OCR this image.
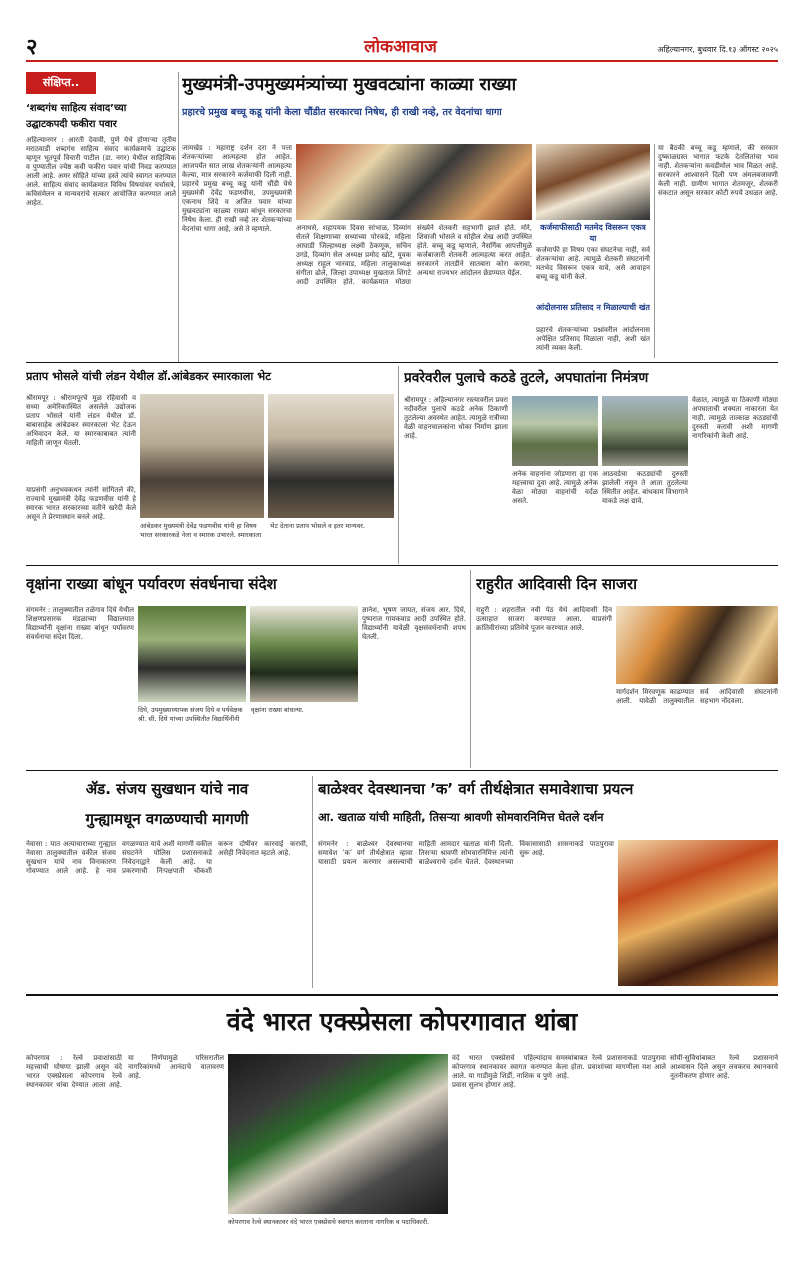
२	लोकआवाज	अहिल्यानगर, बुधवार दि.१३ ऑगस्ट २०२५
संक्षिप्त..
‘शब्दगंध साहित्य संवाद’च्या
उद्घाटकपदी फकीरा पवार
अहिल्यानगर : आरती देवावी, पुणे येथे होणाऱ्या तृतीय मराठवाडी शब्दगंध साहित्य संवाद कार्यक्रमाचे उद्घाटक म्हणून भूतपूर्व विचारी पाटील (डा. नगर) येथील साहित्यिक व पुण्यातील ज्येष्ठ कवी फकीरा पवार यांची निवड करण्यात आली आहे. अमर सोहिते यांच्या हस्ते त्यांचे स्वागत करण्यात आले. साहित्य संवाद कार्यक्रमात विविध विषयांवर चर्चासत्रे, कविसंमेलन व मान्यवरांचे सत्कार आयोजित करण्यात आले आहेत.
मुख्यमंत्री-उपमुख्यमंत्र्यांच्या मुखवट्यांना काळ्या राख्या
प्रहारचे प्रमुख बच्चू कडू यांनी केला चौंडीत सरकारचा निषेध, ही राखी नव्हे, तर वेदनांचा धागा
जामखेड : महाराष्ट्र दर्शन दरा ने पत्ता शेतकऱ्यांच्या आत्महत्या होत आहेत. आजपर्यंत सात लाख शेतकऱ्यांनी आत्महत्या केल्या, मात्र सरकारने कर्जमाफी दिली नाही. प्रहारचे प्रमुख बच्चू कडू यांनी चौंडी येथे मुख्यमंत्री देवेंद्र फडणवीस, उपमुख्यमंत्री एकनाथ शिंदे व अजित पवार यांच्या मुखवट्यांना काळ्या राख्या बांधून सरकारचा निषेध केला. ही राखी नव्हे तर शेतकऱ्यांच्या वेदनांचा धागा आहे, असे ते म्हणाले.	अनाथसे, शहापयक दिवस सांभाळ, दिव्यांग सेतले शिक्षणाच्या सध्याच्या पोरकडे, महिला आघाडी जिल्हाध्यक्ष लक्ष्मी ठेकणूक, सचिन उगडे, दिव्यांग सेल अध्यक्ष प्रमोद खोटे, युवक अध्यक्ष राहुल भारवाड, महिला तालुकाध्यक्ष संगीता ढोले, जिल्हा उपाध्यक्ष मुखताज शिंगटे आदी उपस्थित होते. कार्यक्रमात मोठ्या संख्येने शेतकरी सहभागी झाले होते. मोरे, शिवाजी भोसले व सोहील शेख आदी उपस्थित होते. बच्चू कडू म्हणाले, नैसर्गिक आपत्तीमुळे कर्जबाजारी शेतकरी आत्महत्या करत आहेत. सरकारने तातडीने सातबारा कोरा करावा, अन्यथा राज्यभर आंदोलन छेडण्यात येईल.
कर्जमाफीसाठी मतमेद विसरून एकत्र या
कर्जमाफी हा विषय एका संघटनेचा नाही, सर्व शेतकऱ्यांचा आहे. त्यामुळे शेतकरी संघटनांनी मतभेद विसरून एकत्र यावे, असे आवाहन बच्चू कडू यांनी केले.
आंदोलनास प्रतिसाद न मिळाल्याची खंत
प्रहारचे शेतकऱ्यांच्या प्रश्नांवरील आंदोलनास अपेक्षित प्रतिसाद मिळाला नाही, अशी खंत त्यांनी व्यक्त केली.
या बैठकी बच्चू कडू म्हणाले, की सरकार दुष्काळग्रस्त भागात फटके देतलितांचा भाव नाही. शेतकऱ्यांना कवडीमोल भाव मिळत आहे. सरकारने आश्वासने दिली पण अंमलबजावणी केली नाही. ग्रामीण भागात शेतमजूर, शेतकरी संकटात असून सरकार कोटी रुपये उधळत आहे.
प्रताप भोसले यांची लंडन येथील डॉ.आंबेडकर स्मारकाला भेट
श्रीरामपूर : श्रीरामपूरचे मूळ रहिवासी व सध्या अमेरिकास्थित असलेले उद्योजक प्रताप भोसले यांनी लंडन येथील डॉ. बाबासाहेब आंबेडकर स्मारकाला भेट देऊन अभिवादन केले. या स्मारकाबाबत त्यांनी माहिती जाणून घेतली.
याप्रसंगी अनुभवकथन त्यांनी सांगितले की, राज्याचे मुख्यमंत्री देवेंद्र फडणवीस यांनी हे स्मारक भारत सरकारच्या वतीने खरेदी केले असून ते प्रेरणास्थान बनले आहे.
आंबेडकर मुख्यमंत्री देवेंद्र फडणवीस यांनी हा विषय भारत सरकारकडे नेला व स्मारक उभारले. स्मारकाला भेट देताना प्रताप भोसले व इतर मान्यवर.
प्रवरेवरील पुलाचे कठडे तुटले, अपघातांना निमंत्रण
श्रीरामपूर : अहिल्यानगर रस्त्यावरील प्रवरा नदीवरील पुलाचे कठडे अनेक ठिकाणी तुटलेल्या अवस्थेत आहेत. त्यामुळे रात्रीच्या वेळी वाहनचालकांना धोका निर्माण झाला आहे.
अनेक वाहनांना जोडणारा हा एक महत्त्वाचा दुवा आहे. त्यामुळे अनेक वेळा मोठ्या वाहनांची वर्दळ असते.
आठवडेचा कठड्यांची दुरुस्ती झालेली नसून ते आता तुटलेल्या स्थितीत आहेत. बांधकाम विभागाने याकडे लक्ष द्यावे.
वेळात, त्यामुळे या ठिकाणी मोठ्या अपघाताची शक्यता नाकारता येत नाही. त्यामुळे तात्काळ कठड्यांची दुरुस्ती करावी अशी मागणी नागरिकांनी केली आहे.
वृक्षांना राख्या बांधून पर्यावरण संवर्धनाचा संदेश
संगमनेर : तालुक्यातील तळेगाव दिघे येथील शिक्षणप्रसारक मंडळाच्या विद्यालयात विद्यार्थ्यांनी वृक्षांना राख्या बांधून पर्यावरण संवर्धनाचा संदेश दिला.
ज्ञानेश, भूषण जायत, संजय आर. दिघे, पुष्पराज गायकवाड आदी उपस्थित होते. विद्यार्थ्यांनी यावेळी वृक्षसंवर्धनाची शपथ घेतली.
दिघे, उपमुख्याध्यापक संजय दिघे व पर्यवेक्षक श्री. सी. दिघे यांच्या उपस्थितीत विद्यार्थिनींनी वृक्षांना राख्या बांधल्या.
राहुरीत आदिवासी दिन साजरा
राहुरी : शहरातील नवी पेठ येथे आदिवासी दिन उत्साहात साजरा करण्यात आला. याप्रसंगी क्रांतिवीरांच्या प्रतिमेचे पूजन करण्यात आले.
मार्गदर्शन मिरवणूक काढण्यात आली. यावेळी तालुक्यातील सर्व आदिवासी संघटनांनी सहभाग नोंदवला.
ॲड. संजय सुखधान यांचे नाव
गुन्ह्यामधून वगळण्याची मागणी
नेवासा : यात अत्याचाराच्या गुन्ह्यात नेवासा तालुक्यातील वकील संजय सुखधान यांचे नाव विनाकारण गोवण्यात आले आहे. हे नाव वगळण्यात यावे अशी मागणी वकील संघटनेने पोलिस प्रशासनाकडे निवेदनाद्वारे केली आहे. या प्रकरणाची निःपक्षपाती चौकशी करून दोषींवर कारवाई करावी, असेही निवेदनात म्हटले आहे.
बाळेश्वर देवस्थानचा ’क’ वर्ग तीर्थक्षेत्रात समावेशाचा प्रयत्न
आ. खताळ यांची माहिती, तिसऱ्या श्रावणी सोमवारनिमित्त घेतले दर्शन
संगमनेर : बाळेश्वर देवस्थानचा समावेश ’क’ वर्ग तीर्थक्षेत्रात व्हावा यासाठी प्रयत्न करणार असल्याची माहिती आमदार खताळ यांनी दिली. तिसऱ्या श्रावणी सोमवारनिमित्त त्यांनी बाळेश्वराचे दर्शन घेतले. देवस्थानच्या विकासासाठी शासनाकडे पाठपुरावा सुरू आहे.
वंदे भारत एक्स्प्रेसला कोपरगावात थांबा
कोपरगाव : रेल्वे प्रवाशांसाठी महत्त्वाची घोषणा झाली असून वंदे भारत एक्स्प्रेसला कोपरगाव रेल्वे स्थानकावर थांबा देण्यात आला आहे. या निर्णयामुळे परिसरातील नागरिकांमध्ये आनंदाचे वातावरण आहे.
कोपरगाव रेल्वे स्थानकावर वंदे भारत एक्स्प्रेसचे स्वागत करताना नागरिक व पदाधिकारी.
वंदे भारत एक्स्प्रेसचे पहिल्यांदाच कोपरगाव स्थानकावर स्वागत करण्यात आले. या गाडीमुळे शिर्डी, नाशिक व पुणे प्रवास सुलभ होणार आहे.
समस्यांबाबत रेल्वे प्रशासनाकडे पाठपुरावा केला होता. प्रवाशांच्या मागणीला यश आले आहे.
सोयी-सुविधांबाबत रेल्वे प्रशासनाने आश्वासन दिले असून लवकरच स्थानकाचे नूतनीकरण होणार आहे.
